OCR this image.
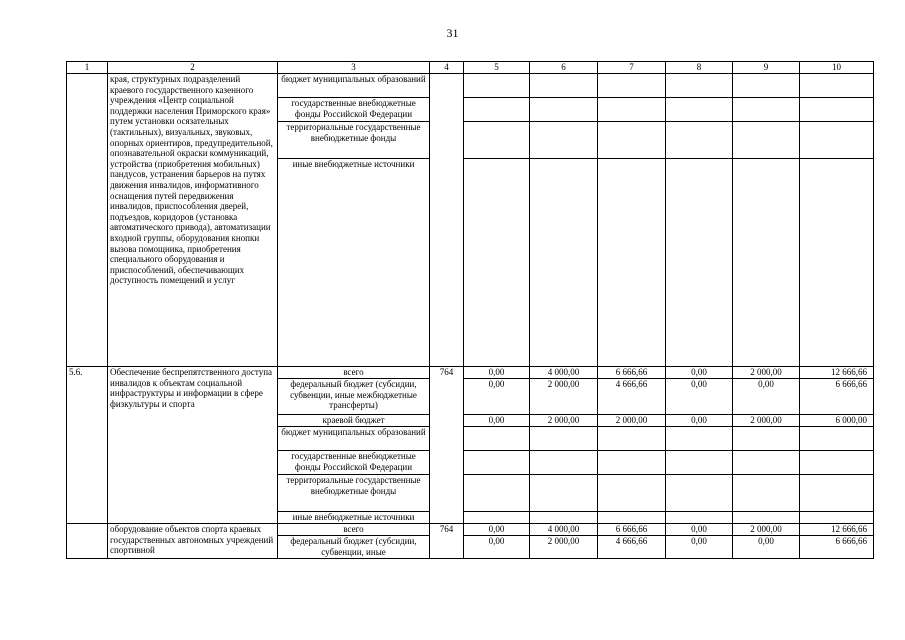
31
1	2	3	4	5	6	7	8	9	10
	края, структурных подразделений краевого государственного казенного учреждения «Центр социальной поддержки населения Приморского края» путем установки осязательных (тактильных), визуальных, звуковых, опорных ориентиров, предупредительной, опознавательной окраски коммуникаций, устройства (приобретения мобильных) пандусов, устранения барьеров на путях движения инвалидов, информативного оснащения путей передвижения инвалидов, приспособления дверей, подъездов, коридоров (установка автоматического привода), автоматизации входной группы, оборудования кнопки вызова помощника, приобретения специального оборудования и приспособлений, обеспечивающих доступность помещений и услуг	бюджет муниципальных образований							
		государственные внебюджетные фонды Российской Федерации							
		территориальные государственные внебюджетные фонды							
		иные внебюджетные источники							
5.6.	Обеспечение беспрепятственного доступа инвалидов к объектам социальной инфраструктуры и информации в сфере физкультуры и спорта	всего	764	0,00	4 000,00	6 666,66	0,00	2 000,00	12 666,66
		федеральный бюджет (субсидии, субвенции, иные межбюджетные трансферты)		0,00	2 000,00	4 666,66	0,00	0,00	6 666,66
		краевой бюджет		0,00	2 000,00	2 000,00	0,00	2 000,00	6 000,00
		бюджет муниципальных образований							
		государственные внебюджетные фонды Российской Федерации							
		территориальные государственные внебюджетные фонды							
		иные внебюджетные источники							
	оборудование объектов спорта краевых государственных автономных учреждений спортивной	всего	764	0,00	4 000,00	6 666,66	0,00	2 000,00	12 666,66
		федеральный бюджет (субсидии, субвенции, иные		0,00	2 000,00	4 666,66	0,00	0,00	6 666,66
